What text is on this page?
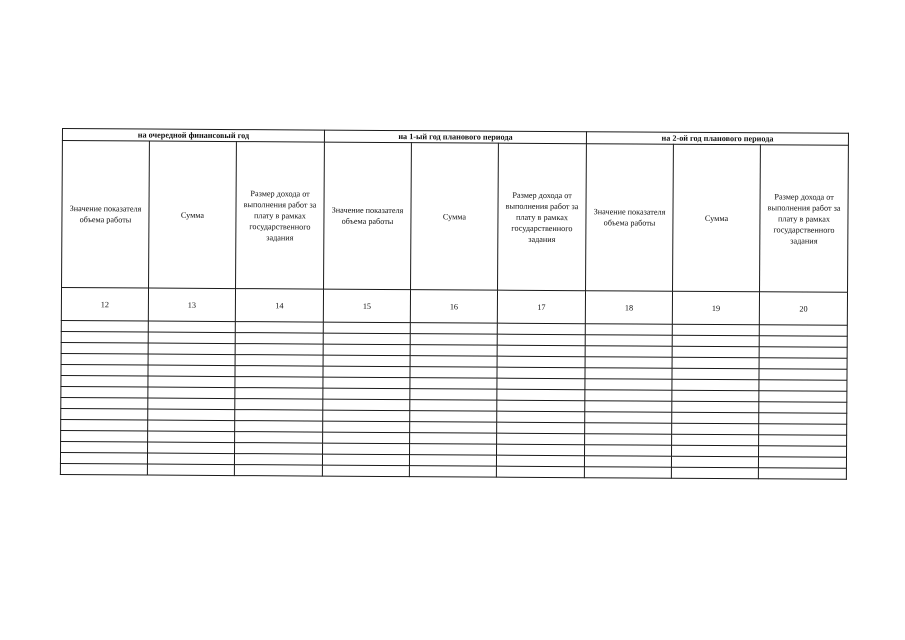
на очередной финансовый год			на 1-ый год планового периода			на 2-ой год планового периода		

Значение показателя объема работы	Сумма	Размер дохода от выполнения работ за плату в рамках государственного задания	Значение показателя объема работы	Сумма	Размер дохода от выполнения работ за плату в рамках государственного задания	Значение показателя объема работы	Сумма	Размер дохода от выполнения работ за плату в рамках государственного задания

12	13	14	15	16	17	18	19	20
